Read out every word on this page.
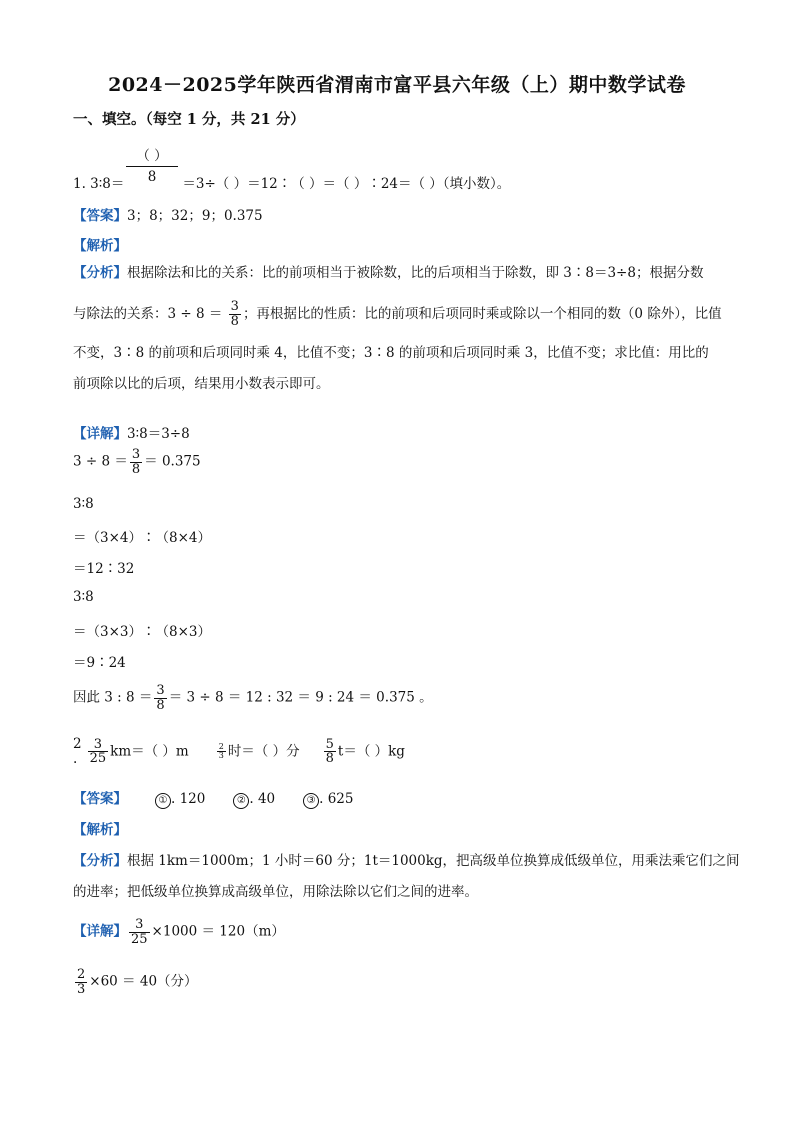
2024－2025学年陕西省渭南市富平县六年级（上）期中数学试卷
一、填空。（每空 1 分，共 21 分）
（ ）
8
1. 3∶8＝	＝3÷（ ）＝12∶（ ）＝（ ）∶24＝（ ）（填小数）。
【答案】3；8；32；9；0.375
【解析】
【分析】根据除法和比的关系：比的前项相当于被除数，比的后项相当于除数，即 3∶8＝3÷8；根据分数
与除法的关系：$3 \div 8 = \frac{3}{8}$ ；再根据比的性质：比的前项和后项同时乘或除以一个相同的数（0 除外），比值
不变，3∶8 的前项和后项同时乘 4，比值不变；3∶8 的前项和后项同时乘 3，比值不变；求比值：用比的
前项除以比的后项，结果用小数表示即可。
【详解】3∶8＝3÷8
$3 \div 8 = \frac{3}{8} = 0.375$
3∶8
＝（3×4）∶（8×4）
＝12∶32
3∶8
＝（3×3）∶（8×3）
＝9∶24
因此 3 : $8 = \frac{3}{8} = 3 \div 8 = 12$ : 32 ＝ 9 : 24 ＝ 0.375 。
2
. $\frac{3}{25} km=$（ ）m	$\frac{2}{3}$ 时＝（ ）分 $\frac{5}{8} t=$（ ）kg
【答案】	① . 120	② . 40	③ . 625
【解析】
【分析】根据 1km＝1000m；1 小时＝60 分；1t＝1000kg，把高级单位换算成低级单位，用乘法乘它们之间
的进率；把低级单位换算成高级单位，用除法除以它们之间的进率。
【详解】 $\frac{3}{25} \times 1000 = 120(m)$
$\frac{2}{3} \times 60 = 40$（分）
